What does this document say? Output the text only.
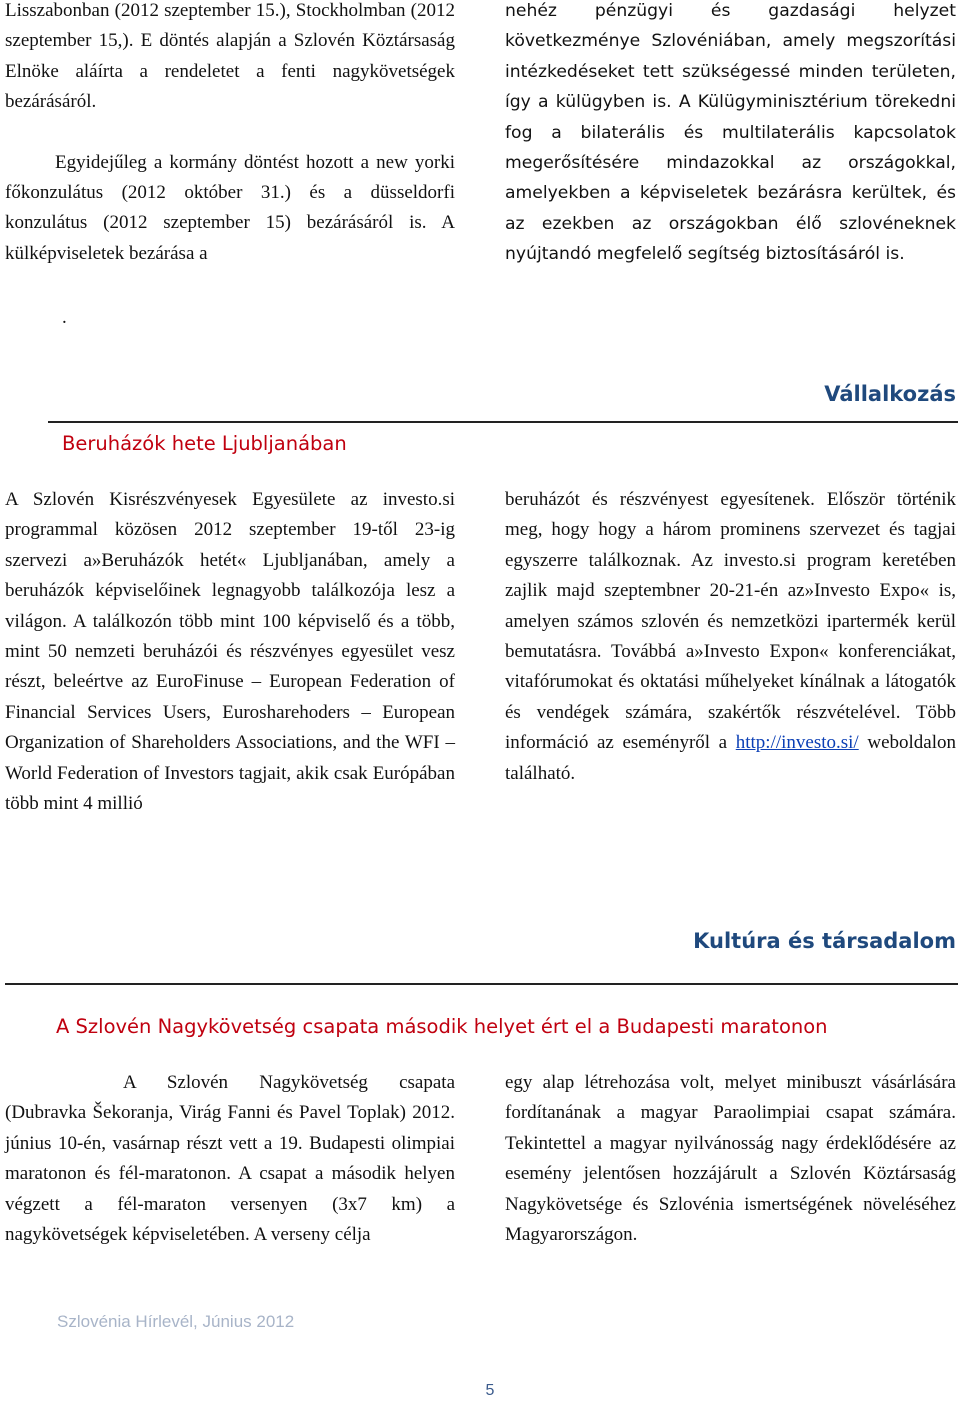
Lisszabonban (2012 szeptember 15.), Stockholmban (2012 szeptember 15,). E döntés alapján a Szlovén Köztársaság Elnöke aláírta a rendeletet a fenti nagykövetségek bezárásáról.

Egyidejűleg a kormány döntést hozott a new yorki főkonzulátus (2012 október 31.) és a düsseldorfi konzulátus (2012 szeptember 15) bezárásáról is. A külképviseletek bezárása a

.

nehéz pénzügyi és gazdasági helyzet következménye Szlovéniában, amely megszorítási intézkedéseket tett szükségessé minden területen, így a külügyben is. A Külügyminisztérium törekedni fog a bilaterális és multilaterális kapcsolatok megerősítésére mindazokkal az országokkal, amelyekben a képviseletek bezárásra kerültek, és az ezekben az országokban élő szlovéneknek nyújtandó megfelelő segítség biztosításáról is.

Vállalkozás
Beruházók hete Ljubljanában

A Szlovén Kisrészvényesek Egyesülete az investo.si programmal közösen 2012 szeptember 19-től 23-ig szervezi a»Beruházók hetét« Ljubljanában, amely a beruházók képviselőinek legnagyobb találkozója lesz a világon. A találkozón több mint 100 képviselő és a több, mint 50 nemzeti beruházói és részvényes egyesület vesz részt, beleértve az EuroFinuse – European Federation of Financial Services Users, Eurosharehoders – European Organization of Shareholders Associations, and the WFI – World Federation of Investors tagjait, akik csak Európában több mint 4 millió

beruházót és részvényest egyesítenek. Először történik meg, hogy hogy a három prominens szervezet és tagjai egyszerre találkoznak. Az investo.si program keretében zajlik majd szeptembner 20-21-én az»Investo Expo« is, amelyen számos szlovén és nemzetközi ipartermék kerül bemutatásra. Továbbá a»Investo Expon« konferenciákat, vitafórumokat és oktatási műhelyeket kínálnak a látogatók és vendégek számára, szakértők részvételével. Több információ az eseményről a http://investo.si/ weboldalon található.

Kultúra és társadalom
A Szlovén Nagykövetség csapata második helyet ért el a Budapesti maratonon

A Szlovén Nagykövetség csapata (Dubravka Šekoranja, Virág Fanni és Pavel Toplak) 2012. június 10-én, vasárnap részt vett a 19. Budapesti olimpiai maratonon és fél-maratonon. A csapat a második helyen végzett a fél-maraton versenyen (3x7 km) a nagykövetségek képviseletében. A verseny célja

egy alap létrehozása volt, melyet minibuszt vásárlására fordítanának a magyar Paraolimpiai csapat számára. Tekintettel a magyar nyilvánosság nagy érdeklődésére az esemény jelentősen hozzájárult a Szlovén Köztársaság Nagykövetsége és Szlovénia ismertségének növeléséhez Magyarországon.

Szlovénia Hírlevél, Június 2012
5
